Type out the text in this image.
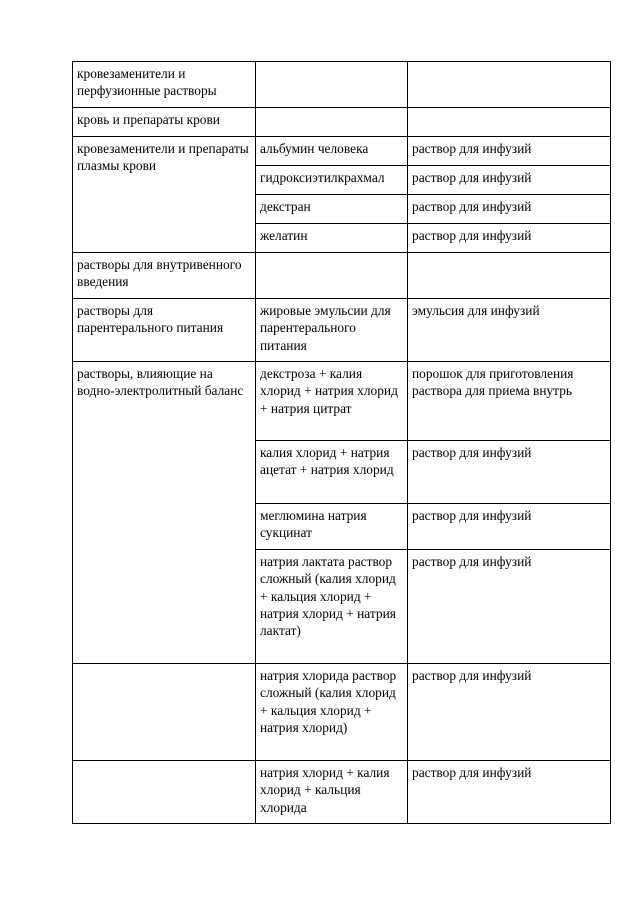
кровезаменители и перфузионные растворы		
кровь и препараты крови		
кровезаменители и препараты плазмы крови	альбумин человека	раствор для инфузий
	гидроксиэтилкрахмал	раствор для инфузий
	декстран	раствор для инфузий
	желатин	раствор для инфузий
растворы для внутривенного введения		
растворы для парентерального питания	жировые эмульсии для парентерального питания	эмульсия для инфузий
растворы, влияющие на водно-электролитный баланс	декстроза + калия хлорид + натрия хлорид + натрия цитрат	порошок для приготовления раствора для приема внутрь
	калия хлорид + натрия ацетат + натрия хлорид	раствор для инфузий
	меглюмина натрия сукцинат	раствор для инфузий
	натрия лактата раствор сложный (калия хлорид + кальция хлорид + натрия хлорид + натрия лактат)	раствор для инфузий
	натрия хлорида раствор сложный (калия хлорид + кальция хлорид + натрия хлорид)	раствор для инфузий
	натрия хлорид + калия хлорид + кальция хлорида	раствор для инфузий
